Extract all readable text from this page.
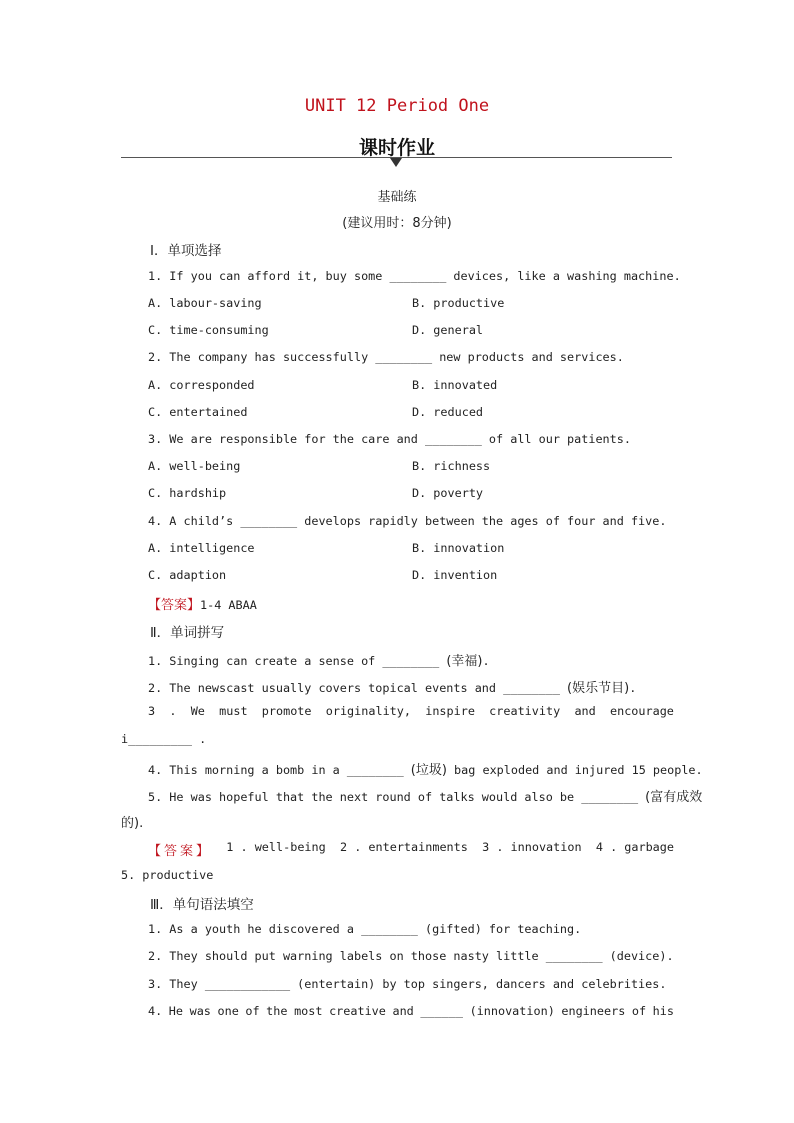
UNIT 12 Period One
课时作业
基础练
(建议用时：8分钟)
Ⅰ．单项选择
1. If you can afford it, buy some ________ devices, like a washing machine.
A. labour-saving	B. productive
C. time-consuming	D. general
2. The company has successfully ________ new products and services.
A. corresponded	B. innovated
C. entertained	D. reduced
3. We are responsible for the care and ________ of all our patients.
A. well-being	B. richness
C. hardship	D. poverty
4. A child’s ________ develops rapidly between the ages of four and five.
A. intelligence	B. innovation
C. adaption	D. invention
【答案】1-4 ABAA
Ⅱ．单词拼写
1. Singing can create a sense of ________ (幸福).
2. The newscast usually covers topical events and ________ (娱乐节目).
3 . We must promote originality, inspire creativity and encourage
i_________ .
4. This morning a bomb in a ________ (垃圾) bag exploded and injured 15 people.
5. He was hopeful that the next round of talks would also be ________ (富有成效
的).
【答案】 1 . well-being 2 . entertainments 3 . innovation 4 . garbage
5. productive
Ⅲ．单句语法填空
1. As a youth he discovered a ________ (gifted) for teaching.
2. They should put warning labels on those nasty little ________ (device).
3. They ____________ (entertain) by top singers, dancers and celebrities.
4. He was one of the most creative and ______ (innovation) engineers of his
